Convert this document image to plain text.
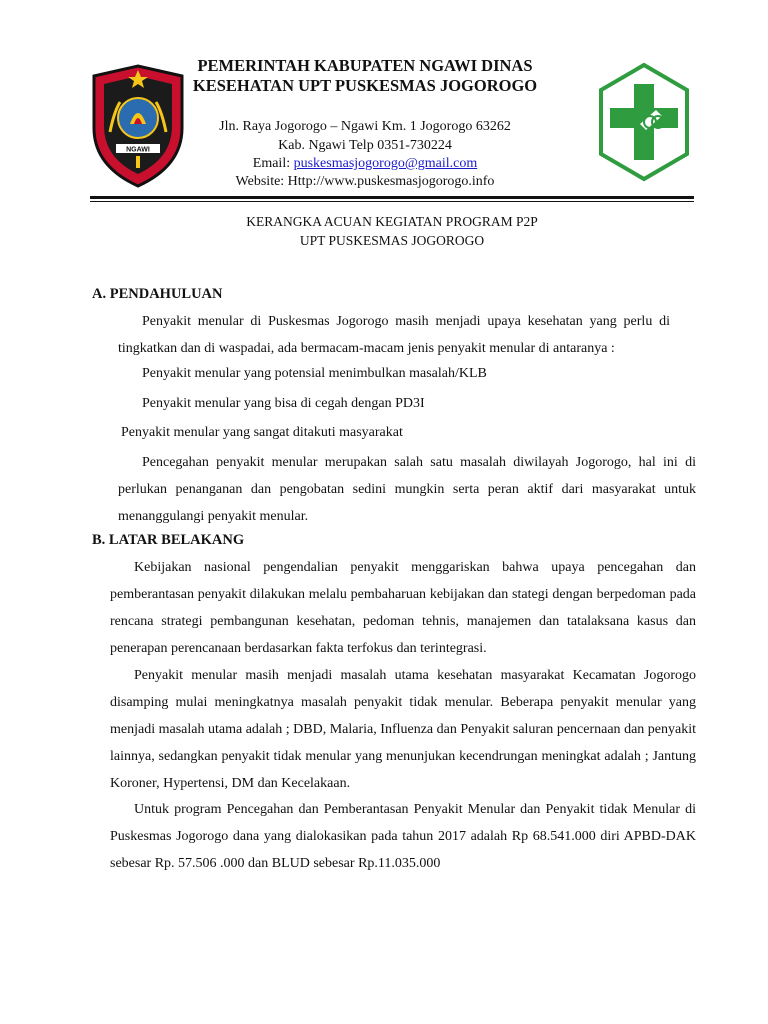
NGAWI
PEMERINTAH KABUPATEN NGAWI DINAS KESEHATAN UPT PUSKESMAS JOGOROGO
Jln. Raya Jogorogo – Ngawi Km. 1 Jogorogo 63262
Kab. Ngawi Telp 0351-730224
Email: puskesmasjogorogo@gmail.com
Website: Http://www.puskesmasjogorogo.info
KERANGKA ACUAN KEGIATAN PROGRAM P2P
UPT PUSKESMAS JOGOROGO
A. PENDAHULUAN

Penyakit menular di Puskesmas Jogorogo masih menjadi upaya kesehatan yang perlu di tingkatkan dan di waspadai, ada bermacam-macam jenis penyakit menular di antaranya :

Penyakit menular yang potensial menimbulkan masalah/KLB
Penyakit menular yang bisa di cegah dengan PD3I
Penyakit menular yang sangat ditakuti masyarakat

Pencegahan penyakit menular merupakan salah satu masalah diwilayah Jogorogo, hal ini di perlukan penanganan dan pengobatan sedini mungkin serta peran aktif dari masyarakat untuk menanggulangi penyakit menular.

B. LATAR BELAKANG

Kebijakan nasional pengendalian penyakit menggariskan bahwa upaya pencegahan dan pemberantasan penyakit dilakukan melalu pembaharuan kebijakan dan stategi dengan berpedoman pada rencana strategi pembangunan kesehatan, pedoman tehnis, manajemen dan tatalaksana kasus dan penerapan perencanaan berdasarkan fakta terfokus dan terintegrasi.

Penyakit menular masih menjadi masalah utama kesehatan masyarakat Kecamatan Jogorogo disamping mulai meningkatnya masalah penyakit tidak menular. Beberapa penyakit menular yang menjadi masalah utama adalah ; DBD, Malaria, Influenza dan Penyakit saluran pencernaan dan penyakit lainnya, sedangkan penyakit tidak menular yang menunjukan kecendrungan meningkat adalah ; Jantung Koroner, Hypertensi, DM dan Kecelakaan.

Untuk program Pencegahan dan Pemberantasan Penyakit Menular dan Penyakit tidak Menular di Puskesmas Jogorogo dana yang dialokasikan pada tahun 2017 adalah Rp 68.541.000 diri APBD-DAK sebesar Rp. 57.506 .000 dan BLUD sebesar Rp.11.035.000
